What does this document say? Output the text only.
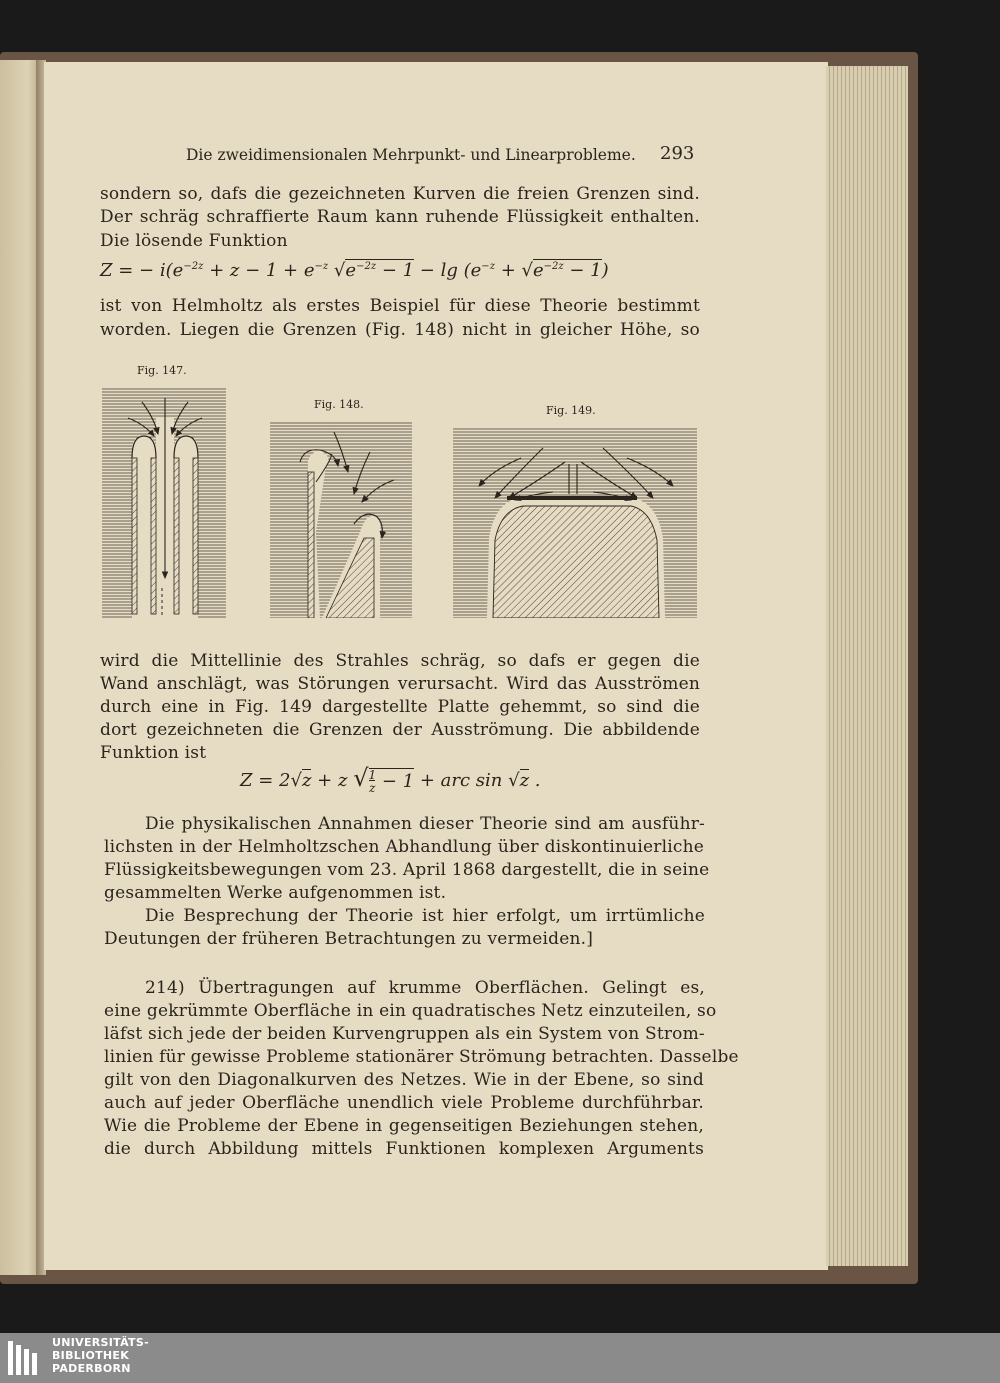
Die zweidimensionalen Mehrpunkt- und Linearprobleme. 293
sondern so, dafs die gezeichneten Kurven die freien Grenzen sind.
Der schräg schraffierte Raum kann ruhende Flüssigkeit enthalten.
Die lösende Funktion
Z = − $i(e^{-2z} + z - 1 + e^{-z}$ $√e^{-2z} - 1 - \lg (e^{-z} + √e^{-2z} - 1)$
ist von Helmholtz als erstes Beispiel für diese Theorie bestimmt
worden. Liegen die Grenzen (Fig. 148) nicht in gleicher Höhe, so
Fig. 147.
Fig. 148.	Fig. 149.
wird die Mittellinie des Strahles schräg, so dafs er gegen die
Wand anschlägt, was Störungen verursacht. Wird das Ausströmen
durch eine in Fig. 149 dargestellte Platte gehemmt, so sind die
dort gezeichneten die Grenzen der Ausströmung. Die abbildende
Funktion ist
Z = 2√z + z √1
z − 1 + arc sin √z .
Die physikalischen Annahmen dieser Theorie sind am ausführ-
lichsten in der Helmholtzschen Abhandlung über diskontinuierliche
Flüssigkeitsbewegungen vom 23. April 1868 dargestellt, die in seine
gesammelten Werke aufgenommen ist.
Die Besprechung der Theorie ist hier erfolgt, um irrtümliche
Deutungen der früheren Betrachtungen zu vermeiden.]
214) Übertragungen auf krumme Oberflächen. Gelingt es,
eine gekrümmte Oberfläche in ein quadratisches Netz einzuteilen, so
läfst sich jede der beiden Kurvengruppen als ein System von Strom-
linien für gewisse Probleme stationärer Strömung betrachten. Dasselbe
gilt von den Diagonalkurven des Netzes. Wie in der Ebene, so sind
auch auf jeder Oberfläche unendlich viele Probleme durchführbar.
Wie die Probleme der Ebene in gegenseitigen Beziehungen stehen,
die durch Abbildung mittels Funktionen komplexen Arguments
UNIVERSITÄTS-
BIBLIOTHEK
PADERBORN
